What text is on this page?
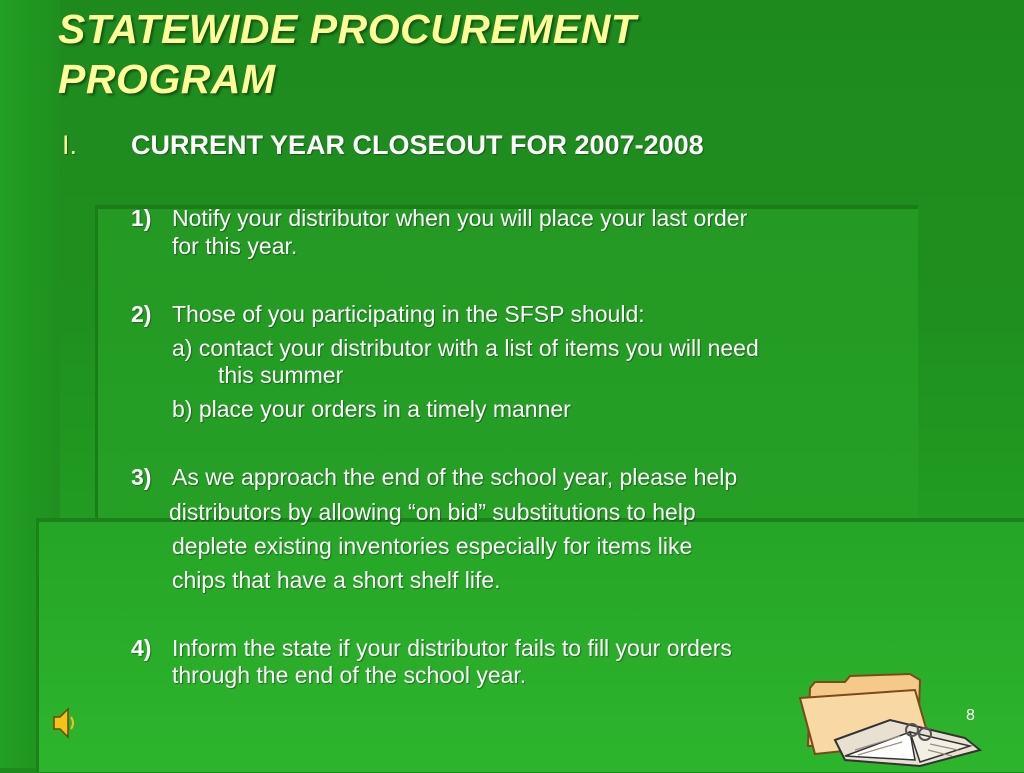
STATEWIDE PROCUREMENT
PROGRAM
I. CURRENT YEAR CLOSEOUT FOR 2007-2008
1) Notify your distributor when you will place your last order
for this year.
2) Those of you participating in the SFSP should:
a) contact your distributor with a list of items you will need
this summer
b) place your orders in a timely manner
3) As we approach the end of the school year, please help
distributors by allowing “on bid” substitutions to help
deplete existing inventories especially for items like
chips that have a short shelf life.
4) Inform the state if your distributor fails to fill your orders
through the end of the school year.
8
